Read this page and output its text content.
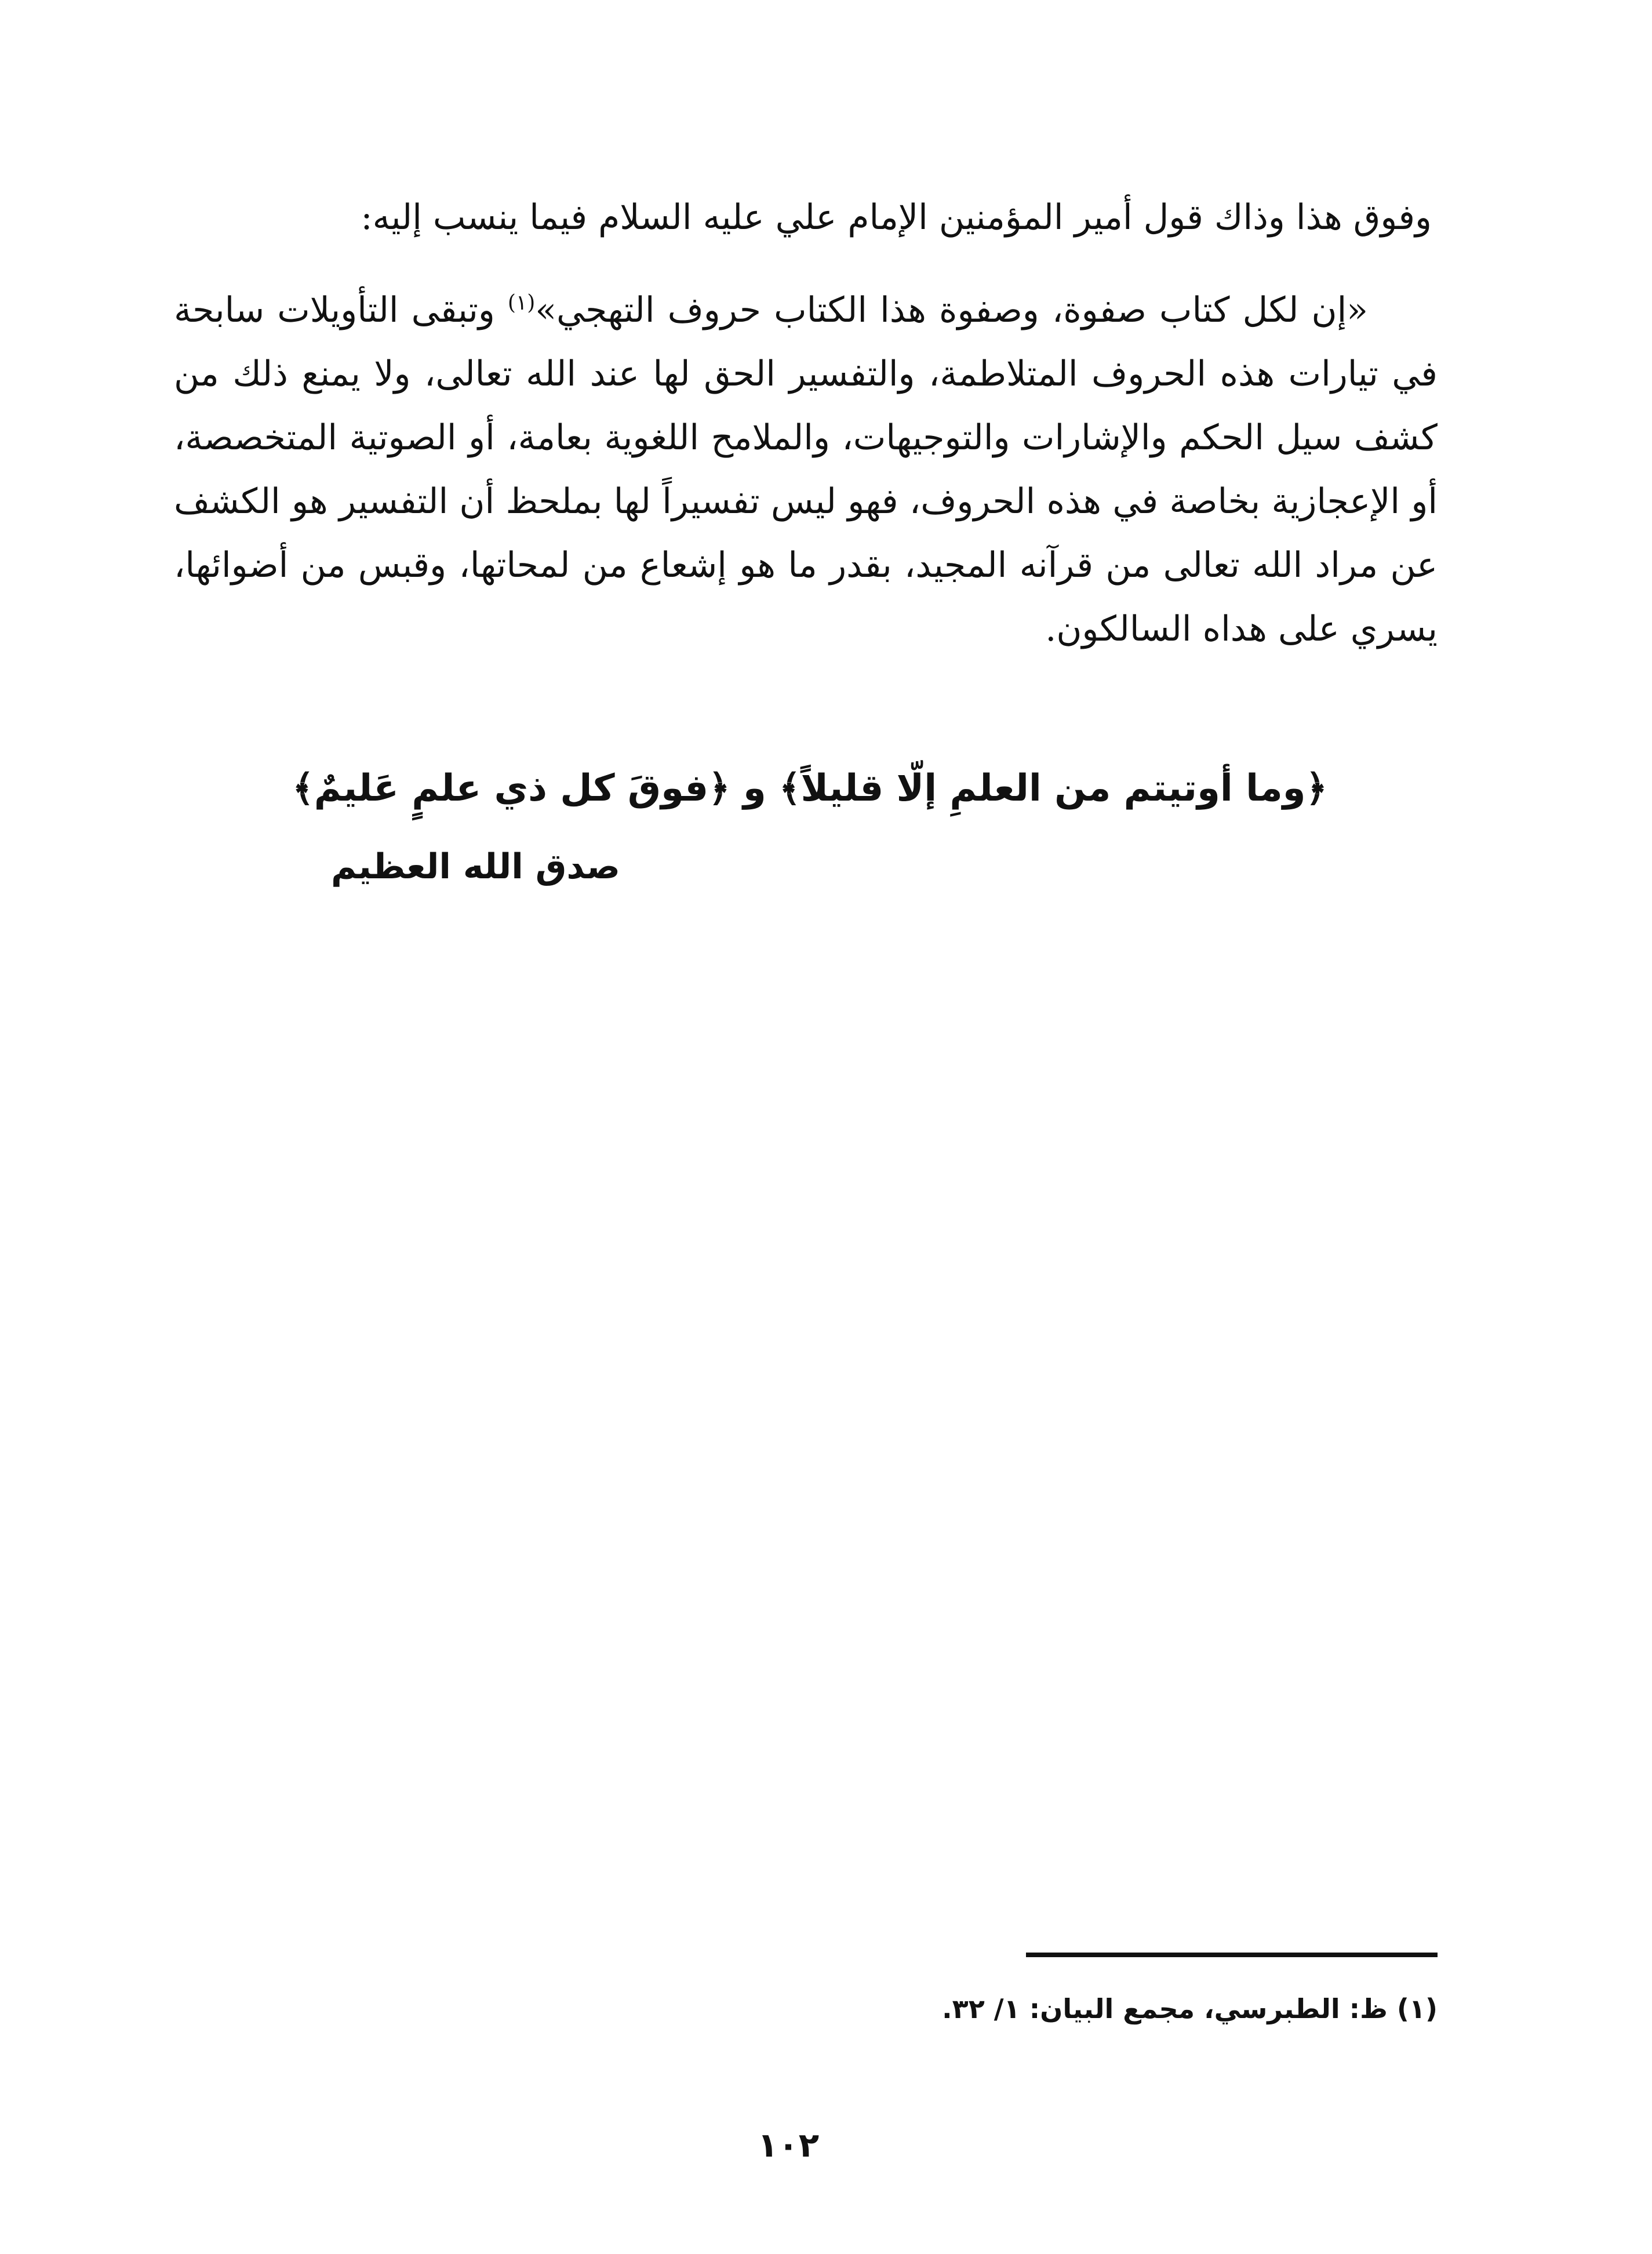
وفوق هذا وذاك قول أمير المؤمنين الإمام علي عليه السلام فيما ينسب إليه:

«إن لكل كتاب صفوة، وصفوة هذا الكتاب حروف التهجي»$^{(١)}$ وتبقى التأويلات سابحة في تيارات هذه الحروف المتلاطمة، والتفسير الحق لها عند الله تعالى، ولا يمنع ذلك من كشف سيل الحكم والإشارات والتوجيهات، والملامح اللغوية بعامة، أو الصوتية المتخصصة، أو الإعجازية بخاصة في هذه الحروف، فهو ليس تفسيراً لها بملحظ أن التفسير هو الكشف عن مراد الله تعالى من قرآنه المجيد، بقدر ما هو إشعاع من لمحاتها، وقبس من أضوائها، يسري على هداه السالكون.

﴿وما أوتيتم من العلمِ إلّا قليلاً﴾ و ﴿فوقَ كل ذي علمٍ عَليمٌ﴾

صدق الله العظيم

(١) ظ: الطبرسي، مجمع البيان: ١/ ٣٢.

١٠٢
